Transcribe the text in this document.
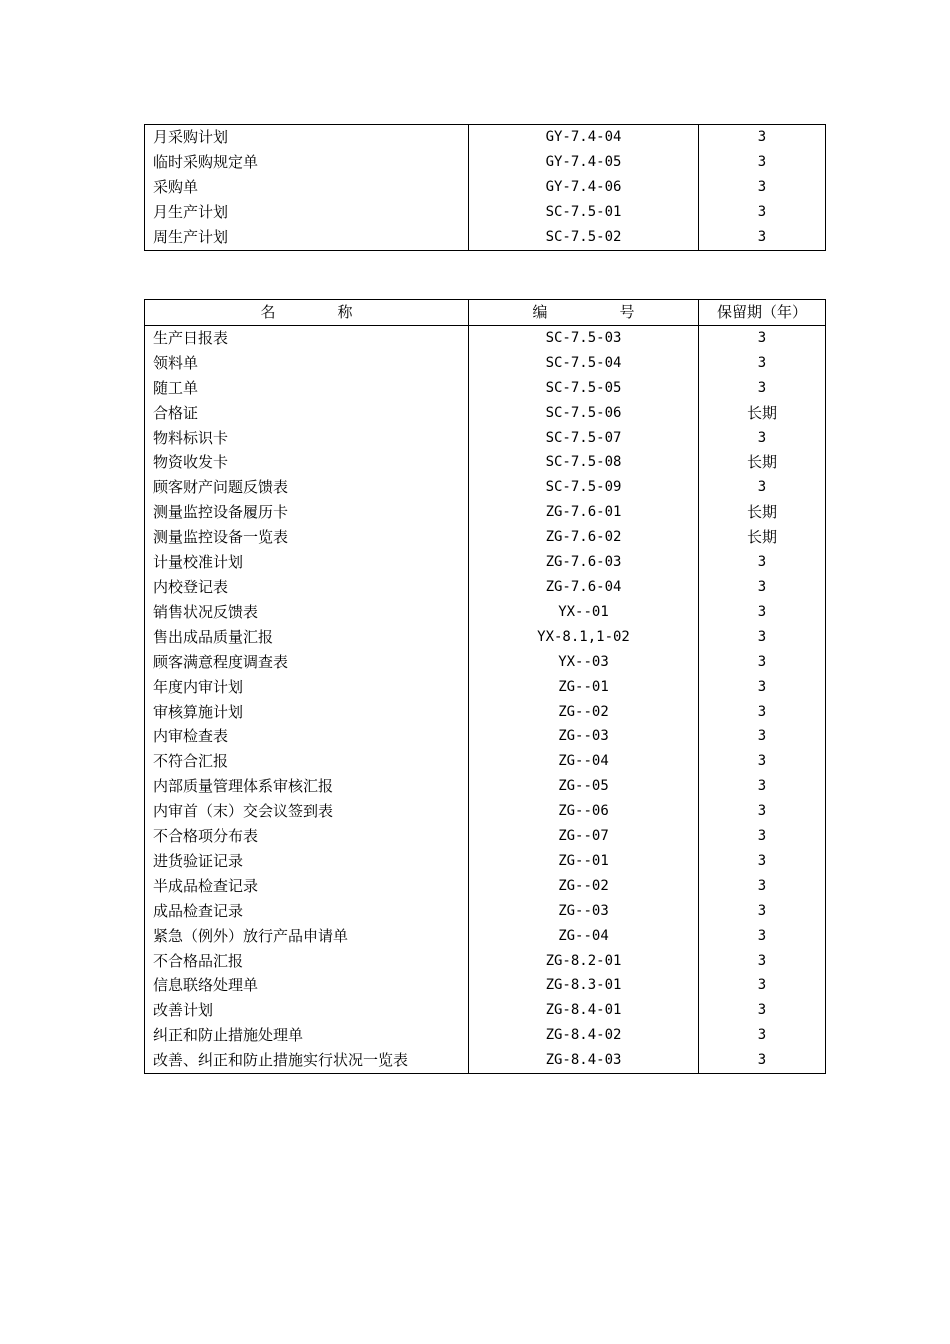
月采购计划	GY-7.4-04	3
临时采购规定单	GY-7.4-05	3
采购单	GY-7.4-06	3
月生产计划	SC-7.5-01	3
周生产计划	SC-7.5-02	3
名 称	编 号	保留期（年）
生产日报表	SC-7.5-03	3
领料单	SC-7.5-04	3
随工单	SC-7.5-05	3
合格证	SC-7.5-06	长期
物料标识卡	SC-7.5-07	3
物资收发卡	SC-7.5-08	长期
顾客财产问题反馈表	SC-7.5-09	3
测量监控设备履历卡	ZG-7.6-01	长期
测量监控设备一览表	ZG-7.6-02	长期
计量校准计划	ZG-7.6-03	3
内校登记表	ZG-7.6-04	3
销售状况反馈表	YX--01	3
售出成品质量汇报	YX-8.1,1-02	3
顾客满意程度调查表	YX--03	3
年度内审计划	ZG--01	3
审核算施计划	ZG--02	3
内审检查表	ZG--03	3
不符合汇报	ZG--04	3
内部质量管理体系审核汇报	ZG--05	3
内审首（末）交会议签到表	ZG--06	3
不合格项分布表	ZG--07	3
进货验证记录	ZG--01	3
半成品检查记录	ZG--02	3
成品检查记录	ZG--03	3
紧急（例外）放行产品申请单	ZG--04	3
不合格品汇报	ZG-8.2-01	3
信息联络处理单	ZG-8.3-01	3
改善计划	ZG-8.4-01	3
纠正和防止措施处理单	ZG-8.4-02	3
改善、纠正和防止措施实行状况一览表	ZG-8.4-03	3
